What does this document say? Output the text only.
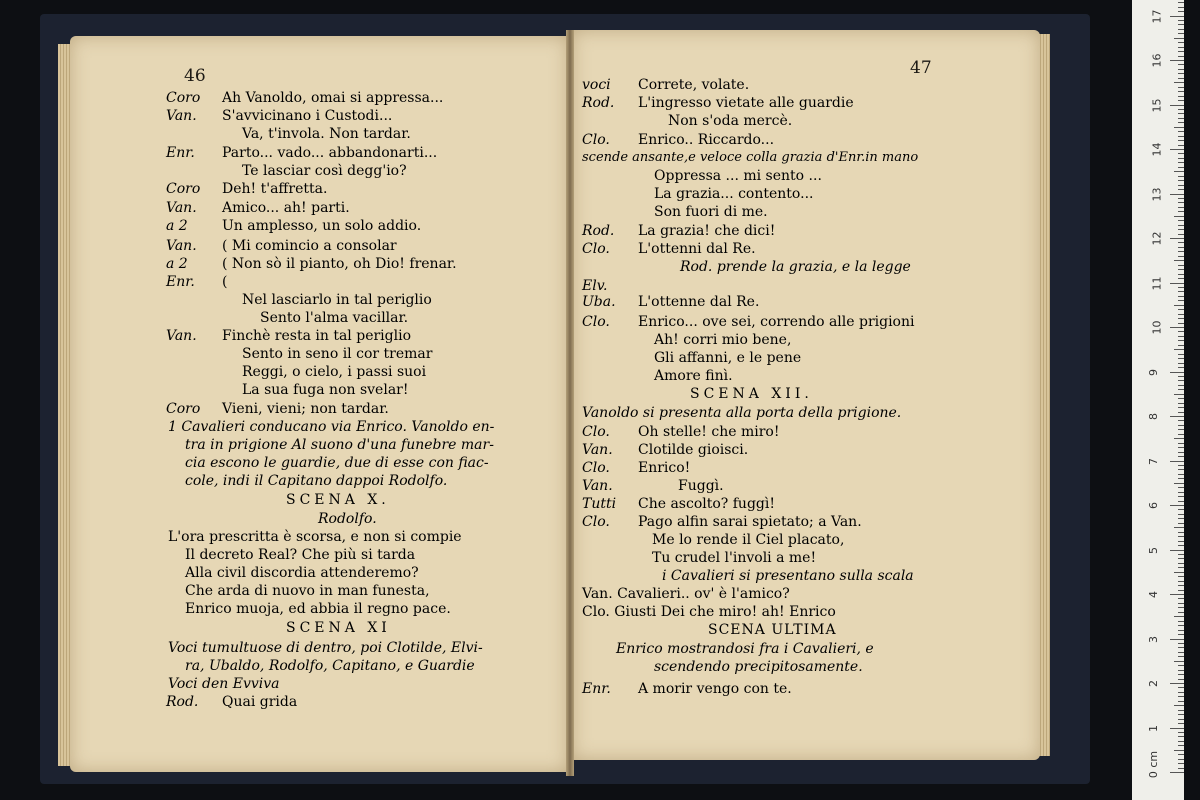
46	47
Coro Ah Vanoldo, omai si appressa...
Van. S'avvicinano i Custodi...
Va, t'invola. Non tardar.
Enr. Parto... vado... abbandonarti...
Te lasciar così degg'io?
Coro Deh! t'affretta.
Van. Amico... ah! parti.
a 2 Un amplesso, un solo addio.
Van. ( Mi comincio a consolar
a 2 ( Non sò il pianto, oh Dio! frenar.
Enr. (
Nel lasciarlo in tal periglio
Sento l'alma vacillar.
Van. Finchè resta in tal periglio
Sento in seno il cor tremar
Reggi, o cielo, i passi suoi
La sua fuga non svelar!
Coro Vieni, vieni; non tardar.
1 Cavalieri conducano via Enrico. Vanoldo en-
tra in prigione Al suono d'una funebre mar-
cia escono le guardie, due di esse con fiac-
cole, indi il Capitano dappoi Rodolfo.
SCENA X.
Rodolfo.
L'ora prescritta è scorsa, e non si compie
Il decreto Real? Che più si tarda
Alla civil discordia attenderemo?
Che arda di nuovo in man funesta,
Enrico muoja, ed abbia il regno pace.
SCENA XI
Voci tumultuose di dentro, poi Clotilde, Elvi-
ra, Ubaldo, Rodolfo, Capitano, e Guardie
Voci den Evviva
Rod. Quai grida
voci Correte, volate.
Rod. L'ingresso vietate alle guardie
Non s'oda mercè.
Clo. Enrico.. Riccardo...
scende ansante,e veloce colla grazia d'Enr.in mano
Oppressa ... mi sento ...
La grazia... contento...
Son fuori di me.
Rod. La grazia! che dici!
Clo. L'ottenni dal Re.
Rod. prende la grazia, e la legge
Elv.
Uba. L'ottenne dal Re.
Clo. Enrico... ove sei, correndo alle prigioni
Ah! corri mio bene,
Gli affanni, e le pene
Amore finì.
SCENA XII.
Vanoldo si presenta alla porta della prigione.
Clo. Oh stelle! che miro!
Van. Clotilde gioisci.
Clo. Enrico!
Van.	Fuggì.
Tutti Che ascolto? fuggì!
Clo. Pago alfin sarai spietato; a Van.
Me lo rende il Ciel placato,
Tu crudel l'involi a me!
i Cavalieri si presentano sulla scala
Van. Cavalieri.. ov' è l'amico?
Clo. Giusti Dei che miro! ah! Enrico
SCENA ULTIMA
Enrico mostrandosi fra i Cavalieri, e
scendendo precipitosamente.
Enr. A morir vengo con te.
0 cm
1
2
3
4
5
6
7
8
9
10
11
12
13
14
15
16
17
